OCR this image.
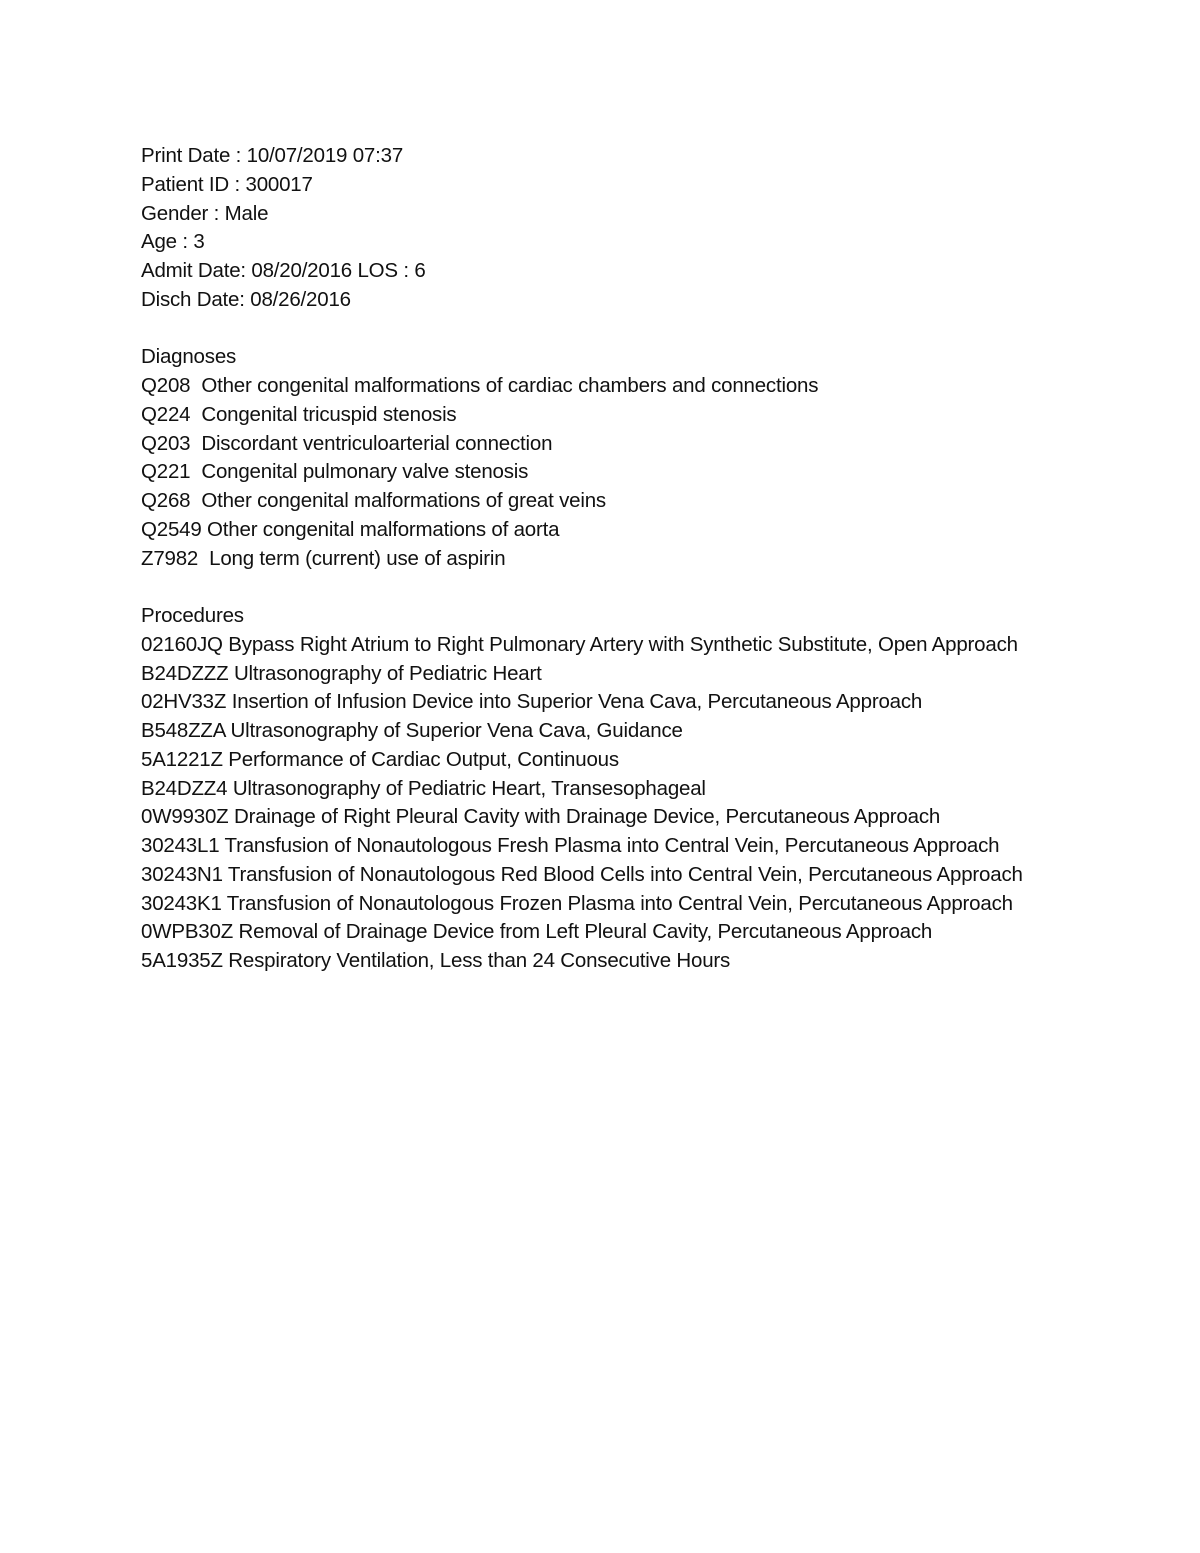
Print Date : 10/07/2019 07:37
Patient ID : 300017
Gender : Male
Age : 3
Admit Date: 08/20/2016 LOS : 6
Disch Date: 08/26/2016
Diagnoses
Q208  Other congenital malformations of cardiac chambers and connections
Q224  Congenital tricuspid stenosis
Q203  Discordant ventriculoarterial connection
Q221  Congenital pulmonary valve stenosis
Q268  Other congenital malformations of great veins
Q2549 Other congenital malformations of aorta
Z7982  Long term (current) use of aspirin
Procedures
02160JQ Bypass Right Atrium to Right Pulmonary Artery with Synthetic Substitute, Open Approach
B24DZZZ Ultrasonography of Pediatric Heart
02HV33Z Insertion of Infusion Device into Superior Vena Cava, Percutaneous Approach
B548ZZA Ultrasonography of Superior Vena Cava, Guidance
5A1221Z Performance of Cardiac Output, Continuous
B24DZZ4 Ultrasonography of Pediatric Heart, Transesophageal
0W9930Z Drainage of Right Pleural Cavity with Drainage Device, Percutaneous Approach
30243L1 Transfusion of Nonautologous Fresh Plasma into Central Vein, Percutaneous Approach
30243N1 Transfusion of Nonautologous Red Blood Cells into Central Vein, Percutaneous Approach
30243K1 Transfusion of Nonautologous Frozen Plasma into Central Vein, Percutaneous Approach
0WPB30Z Removal of Drainage Device from Left Pleural Cavity, Percutaneous Approach
5A1935Z Respiratory Ventilation, Less than 24 Consecutive Hours
